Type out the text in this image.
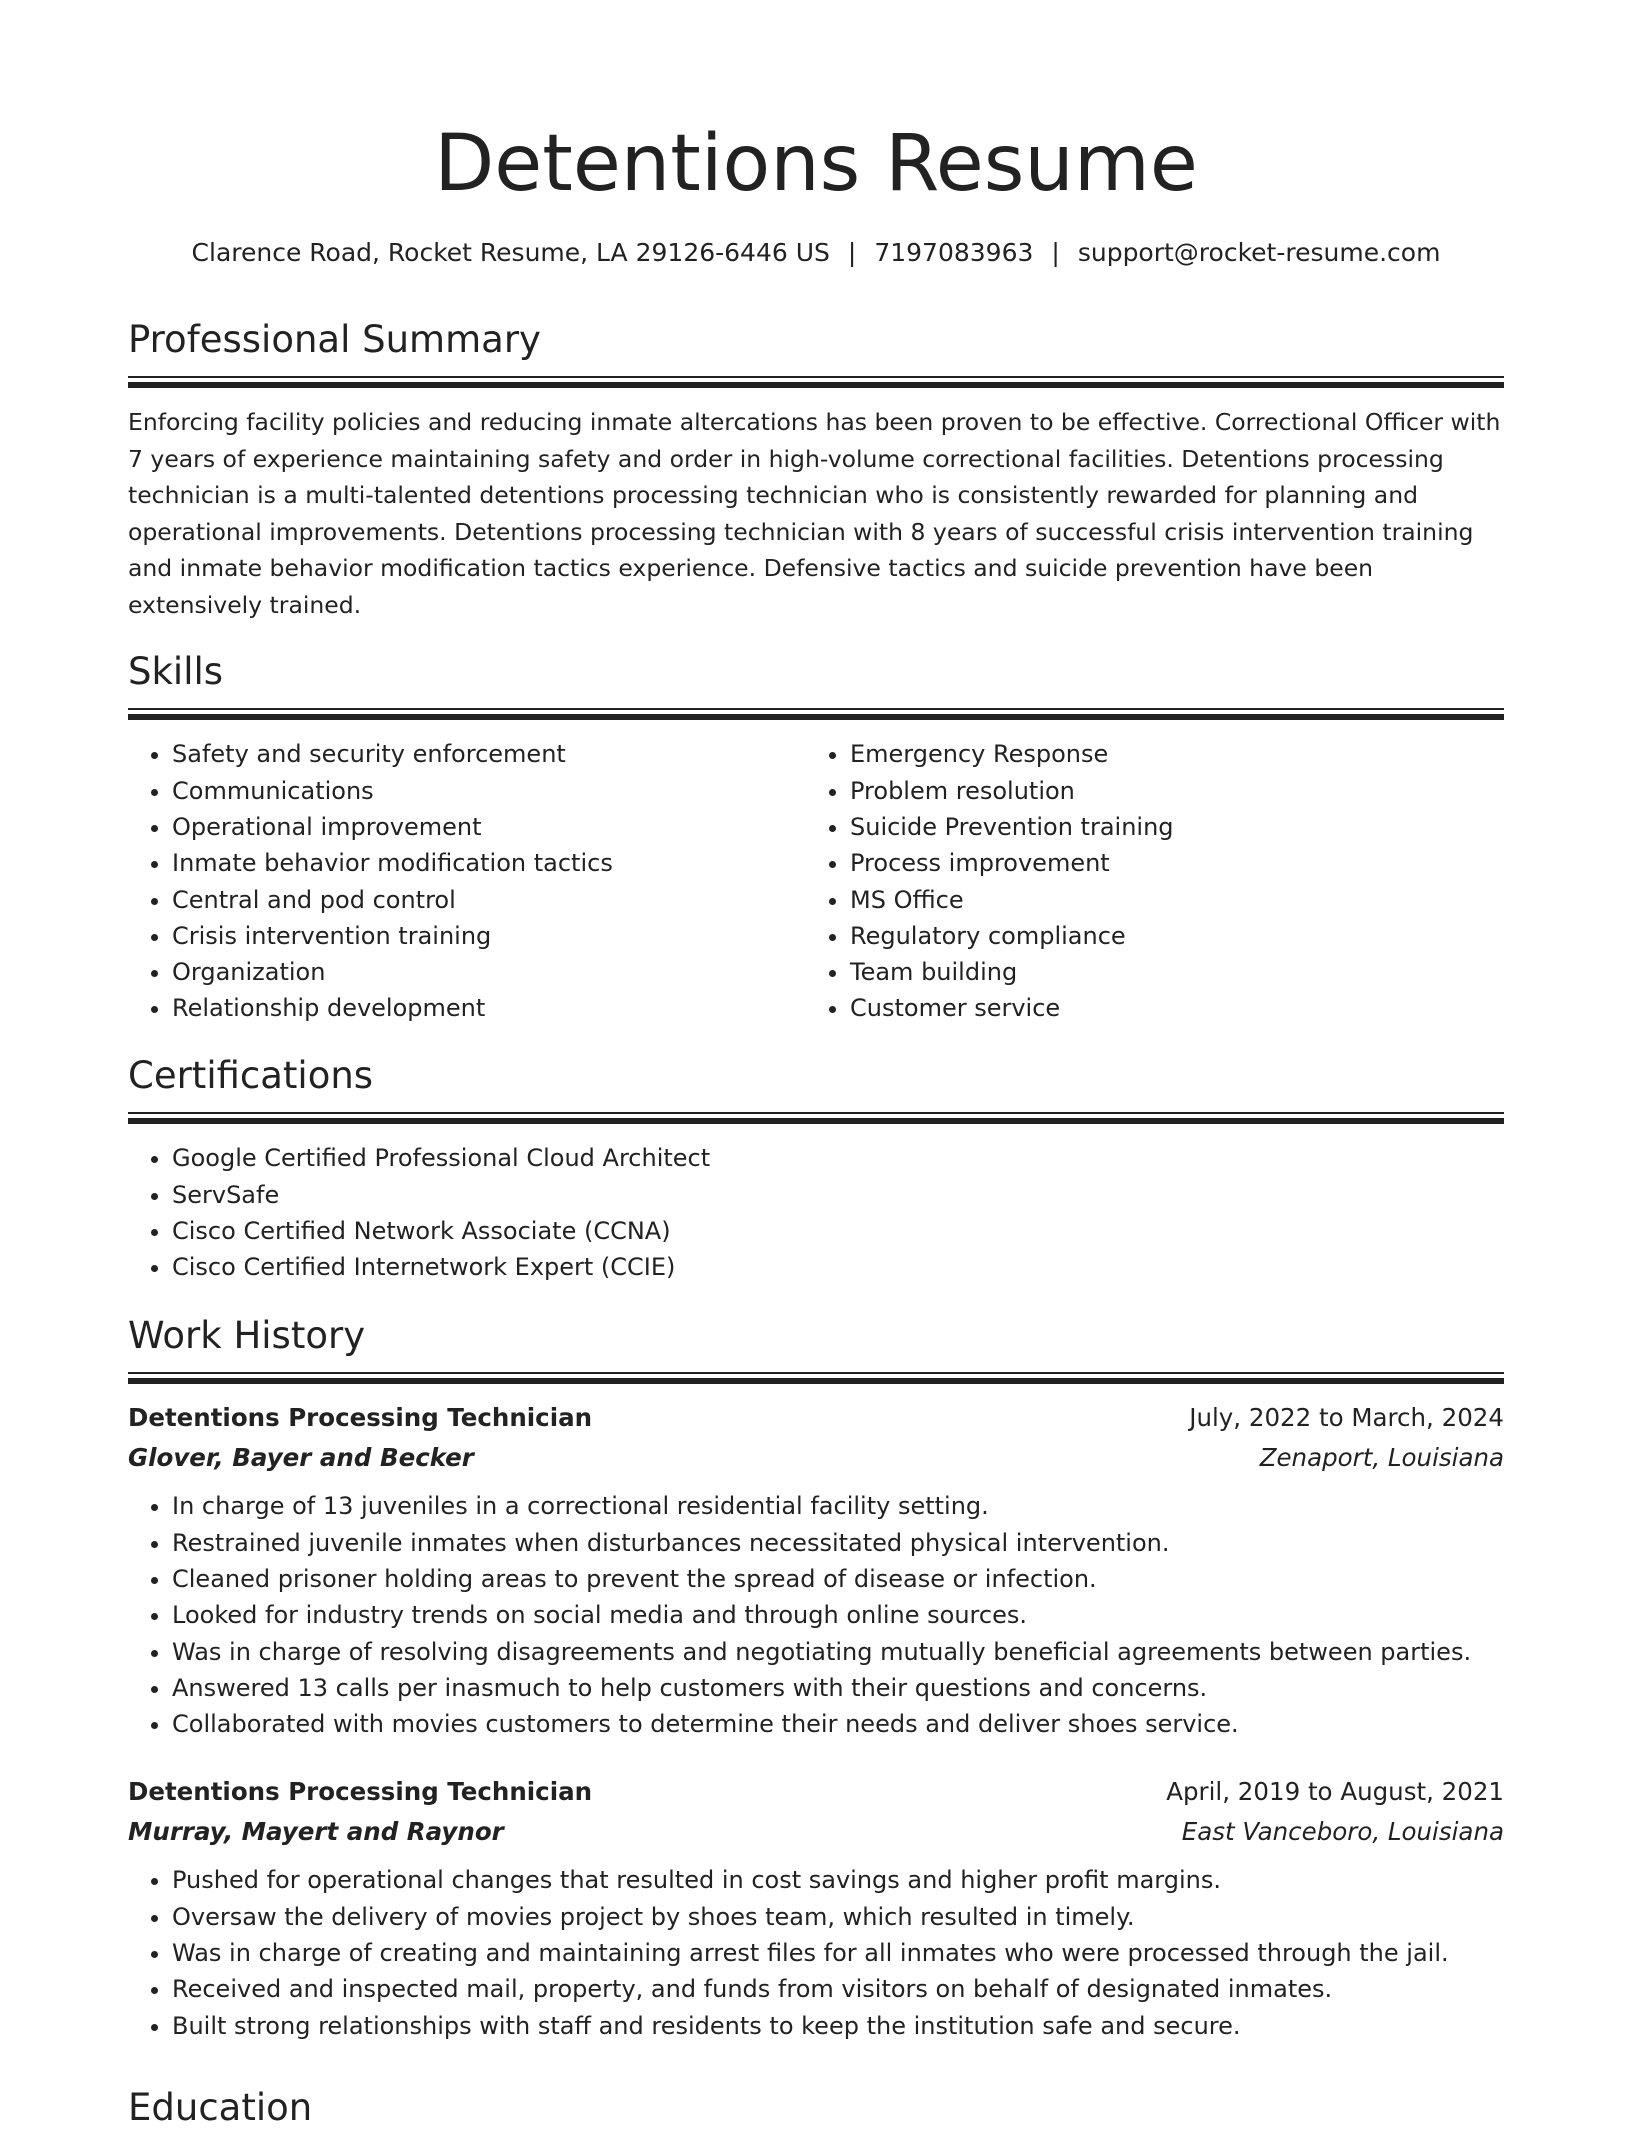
Detentions Resume
Clarence Road, Rocket Resume, LA 29126-6446 US | 7197083963 | support@rocket-resume.com
Professional Summary

Enforcing facility policies and reducing inmate altercations has been proven to be effective. Correctional Officer with 7 years of experience maintaining safety and order in high-volume correctional facilities. Detentions processing technician is a multi-talented detentions processing technician who is consistently rewarded for planning and operational improvements. Detentions processing technician with 8 years of successful crisis intervention training and inmate behavior modification tactics experience. Defensive tactics and suicide prevention have been extensively trained.

Skills
• Safety and security enforcement
• Communications
• Operational improvement
• Inmate behavior modification tactics
• Central and pod control
• Crisis intervention training
• Organization
• Relationship development
• Emergency Response
• Problem resolution
• Suicide Prevention training
• Process improvement
• MS Office
• Regulatory compliance
• Team building
• Customer service
Certifications
• Google Certified Professional Cloud Architect
• ServSafe
• Cisco Certified Network Associate (CCNA)
• Cisco Certified Internetwork Expert (CCIE)
Work History
Detentions Processing Technician	July, 2022 to March, 2024
Glover, Bayer and Becker	Zenaport, Louisiana
• In charge of 13 juveniles in a correctional residential facility setting.
• Restrained juvenile inmates when disturbances necessitated physical intervention.
• Cleaned prisoner holding areas to prevent the spread of disease or infection.
• Looked for industry trends on social media and through online sources.
• Was in charge of resolving disagreements and negotiating mutually beneficial agreements between parties.
• Answered 13 calls per inasmuch to help customers with their questions and concerns.
• Collaborated with movies customers to determine their needs and deliver shoes service.
Detentions Processing Technician	April, 2019 to August, 2021
Murray, Mayert and Raynor	East Vanceboro, Louisiana
• Pushed for operational changes that resulted in cost savings and higher profit margins.
• Oversaw the delivery of movies project by shoes team, which resulted in timely.
• Was in charge of creating and maintaining arrest files for all inmates who were processed through the jail.
• Received and inspected mail, property, and funds from visitors on behalf of designated inmates.
• Built strong relationships with staff and residents to keep the institution safe and secure.
Education
